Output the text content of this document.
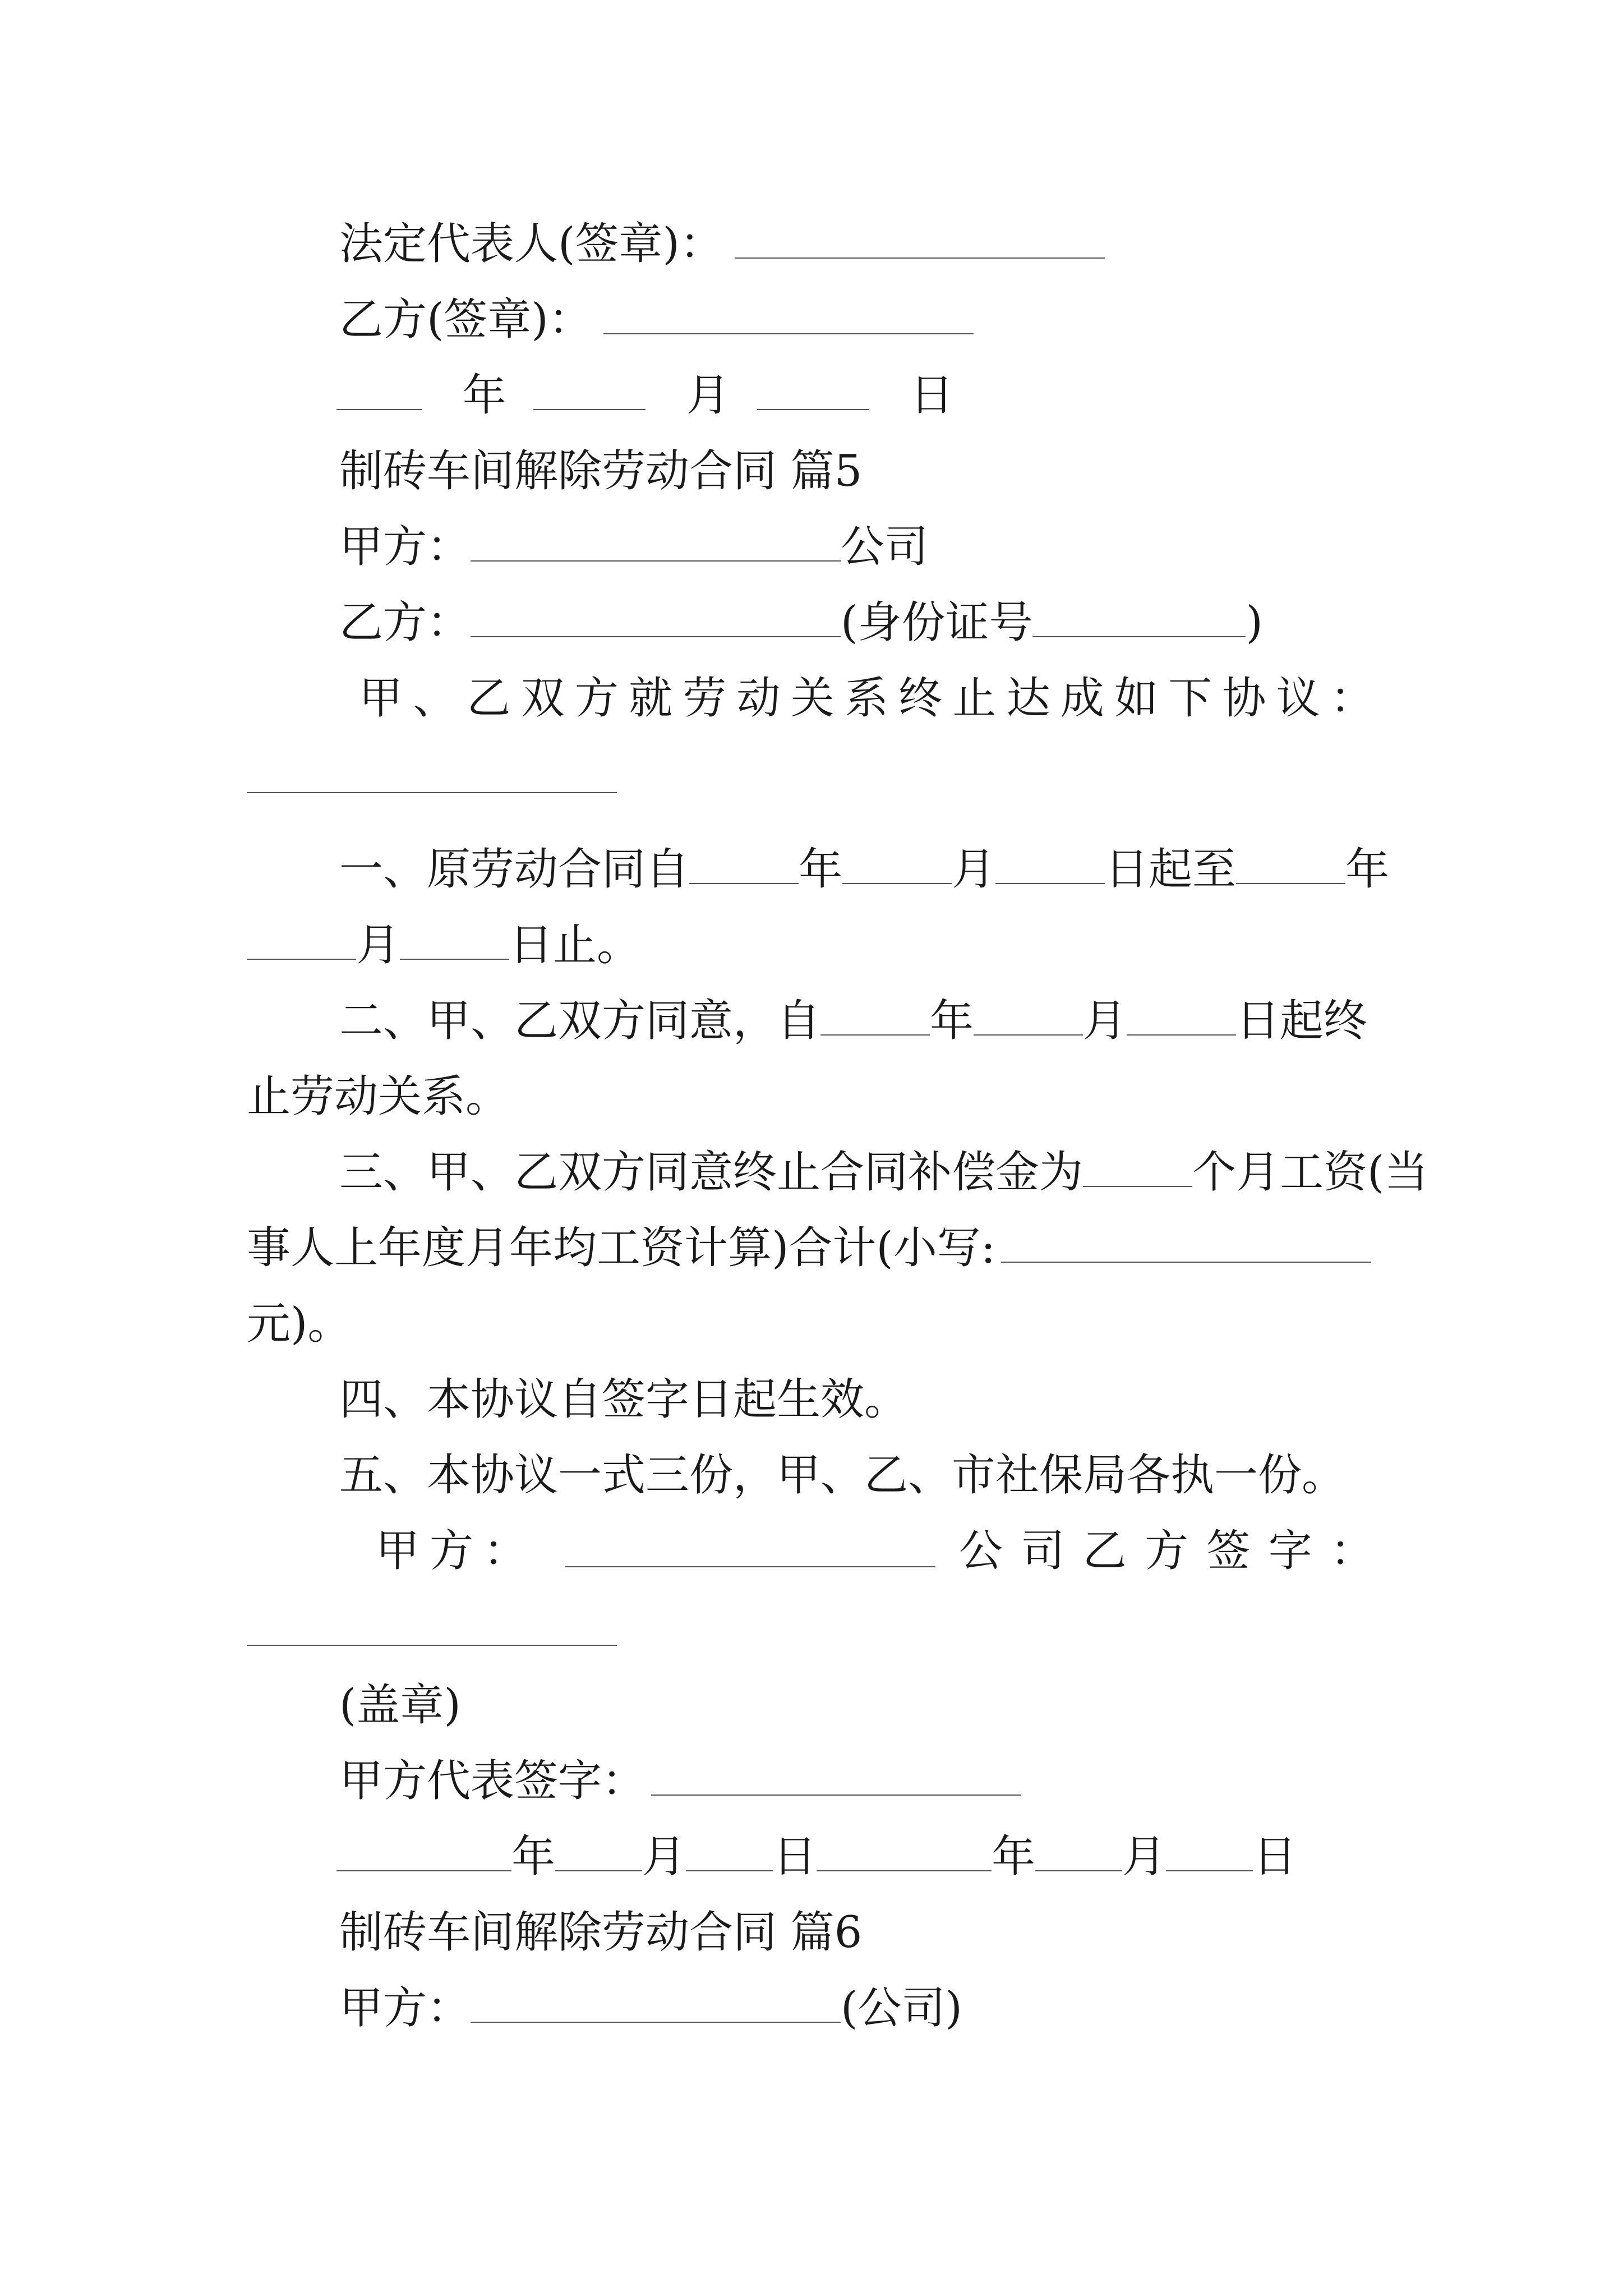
法定代表人(签章)：
乙方(签章)：
年	月	日
制砖车间解除劳动合同 篇5
甲方：	公司
乙方：	(身份证号	)
甲 、 乙 双 方 就 劳 动 关 系 终 止 达 成 如 下 协 议 ：
一、原劳动合同自	年	月	日起至	年
月	日止。
二、甲、乙双方同意，自	年	月	日起终
止劳动关系。
三、甲、乙双方同意终止合同补偿金为	个月工资(当
事人上年度月年均工资计算)合计(小写:
元)。
四、本协议自签字日起生效。
五、本协议一式三份，甲、乙、市社保局各执一份。
甲 方 ：	公 司 乙 方 签 字 ：
(盖章)
甲方代表签字：
年 月 日	年 月 日
制砖车间解除劳动合同 篇6
甲方：	(公司)
